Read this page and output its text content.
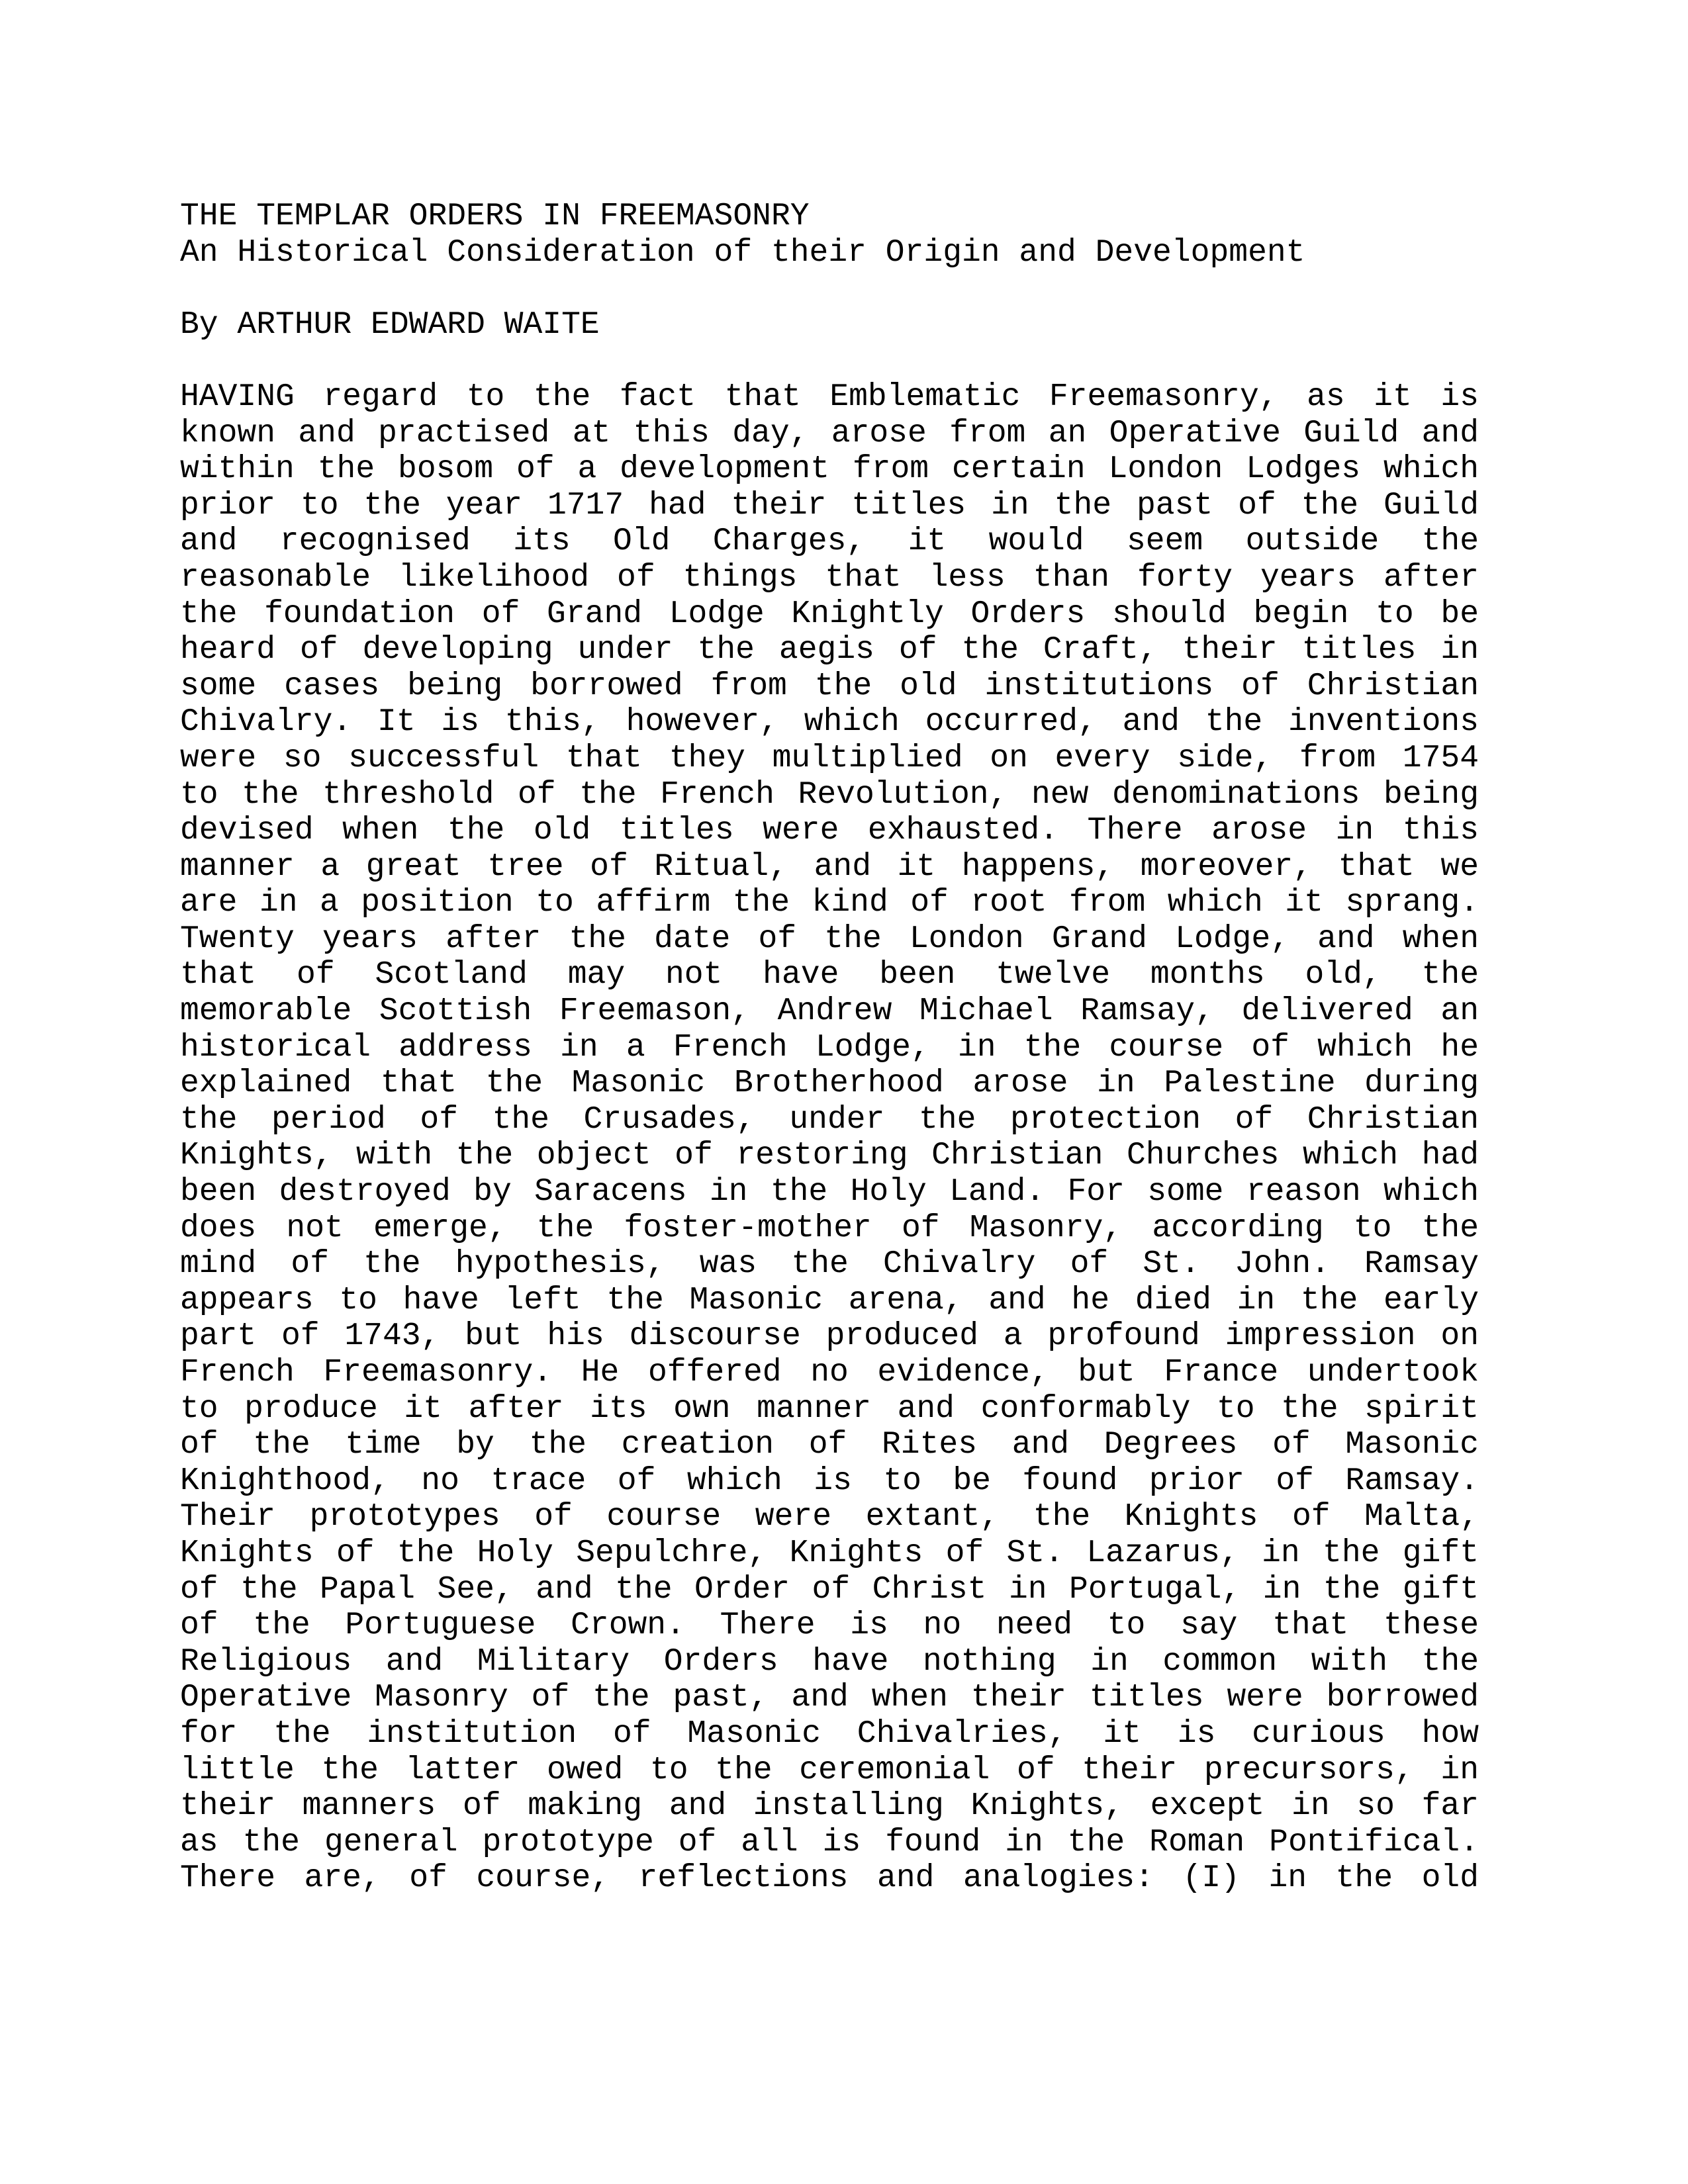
THE TEMPLAR ORDERS IN FREEMASONRY
An Historical Consideration of their Origin and Development
By ARTHUR EDWARD WAITE
HAVING regard to the fact that Emblematic Freemasonry, as it is
known and practised at this day, arose from an Operative Guild and
within the bosom of a development from certain London Lodges which
prior to the year 1717 had their titles in the past of the Guild
and recognised its Old Charges, it would seem outside the
reasonable likelihood of things that less than forty years after
the foundation of Grand Lodge Knightly Orders should begin to be
heard of developing under the aegis of the Craft, their titles in
some cases being borrowed from the old institutions of Christian
Chivalry. It is this, however, which occurred, and the inventions
were so successful that they multiplied on every side, from 1754
to the threshold of the French Revolution, new denominations being
devised when the old titles were exhausted. There arose in this
manner a great tree of Ritual, and it happens, moreover, that we
are in a position to affirm the kind of root from which it sprang.
Twenty years after the date of the London Grand Lodge, and when
that of Scotland may not have been twelve months old, the
memorable Scottish Freemason, Andrew Michael Ramsay, delivered an
historical address in a French Lodge, in the course of which he
explained that the Masonic Brotherhood arose in Palestine during
the period of the Crusades, under the protection of Christian
Knights, with the object of restoring Christian Churches which had
been destroyed by Saracens in the Holy Land. For some reason which
does not emerge, the foster-mother of Masonry, according to the
mind of the hypothesis, was the Chivalry of St. John. Ramsay
appears to have left the Masonic arena, and he died in the early
part of 1743, but his discourse produced a profound impression on
French Freemasonry. He offered no evidence, but France undertook
to produce it after its own manner and conformably to the spirit
of the time by the creation of Rites and Degrees of Masonic
Knighthood, no trace of which is to be found prior of Ramsay.
Their prototypes of course were extant, the Knights of Malta,
Knights of the Holy Sepulchre, Knights of St. Lazarus, in the gift
of the Papal See, and the Order of Christ in Portugal, in the gift
of the Portuguese Crown. There is no need to say that these
Religious and Military Orders have nothing in common with the
Operative Masonry of the past, and when their titles were borrowed
for the institution of Masonic Chivalries, it is curious how
little the latter owed to the ceremonial of their precursors, in
their manners of making and installing Knights, except in so far
as the general prototype of all is found in the Roman Pontifical.
There are, of course, reflections and analogies: (I) in the old
